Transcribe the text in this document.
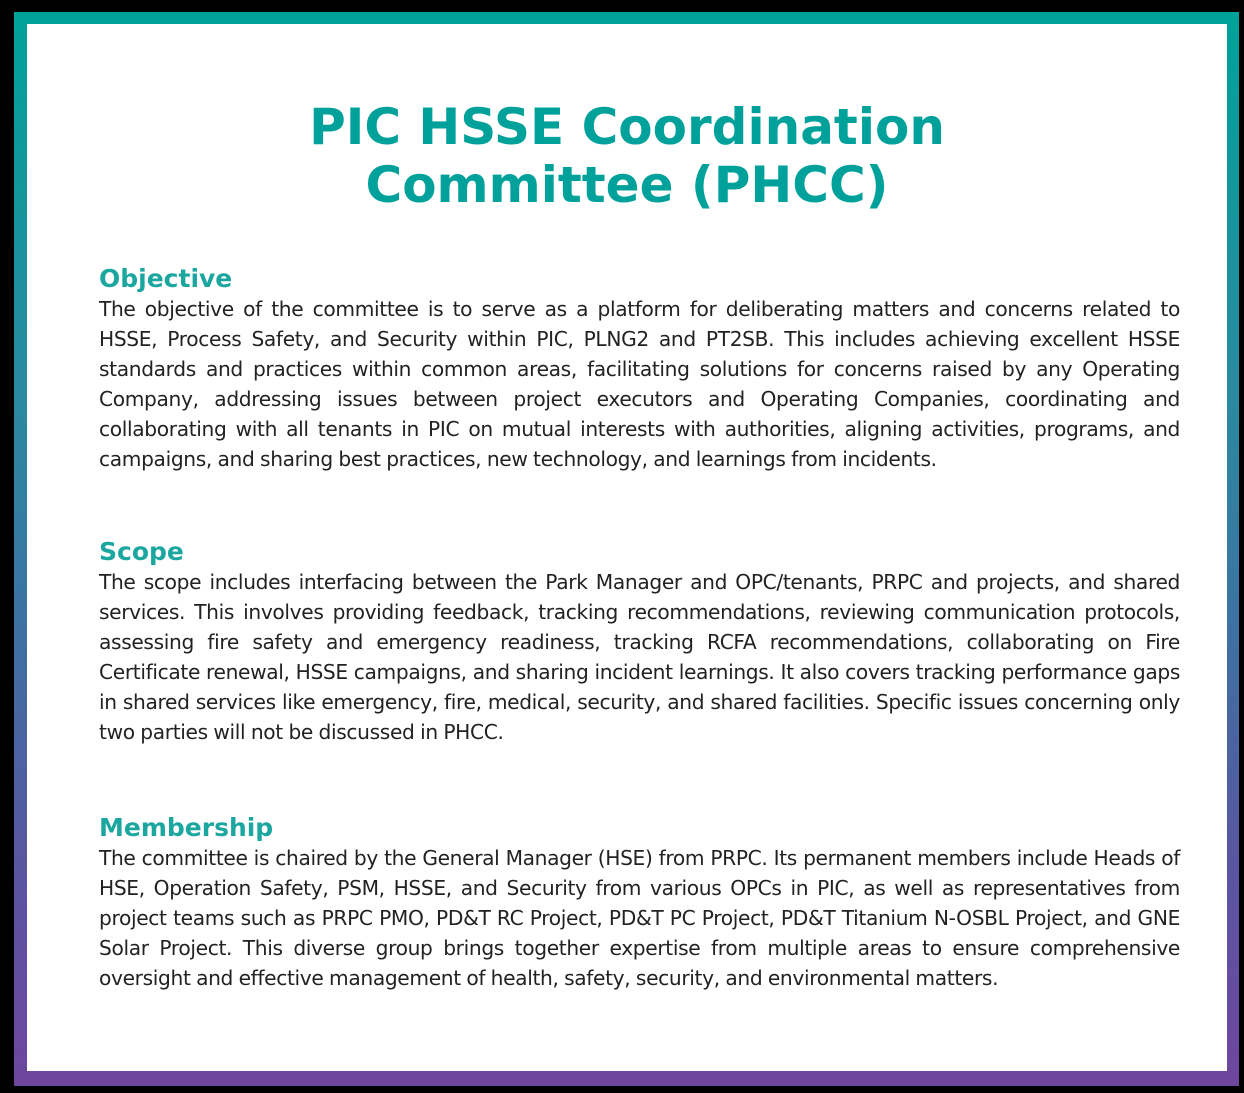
PIC HSSE Coordination
Committee (PHCC)
Objective

The objective of the committee is to serve as a platform for deliberating matters and concerns related to HSSE, Process Safety, and Security within PIC, PLNG2 and PT2SB. This includes achieving excellent HSSE standards and practices within common areas, facilitating solutions for concerns raised by any Operating Company, addressing issues between project executors and Operating Companies, coordinating and collaborating with all tenants in PIC on mutual interests with authorities, aligning activities, programs, and campaigns, and sharing best practices, new technology, and learnings from incidents.

Scope

The scope includes interfacing between the Park Manager and OPC/tenants, PRPC and projects, and shared services. This involves providing feedback, tracking recommendations, reviewing communication protocols, assessing fire safety and emergency readiness, tracking RCFA recommendations, collaborating on Fire Certificate renewal, HSSE campaigns, and sharing incident learnings. It also covers tracking performance gaps in shared services like emergency, fire, medical, security, and shared facilities. Specific issues concerning only two parties will not be discussed in PHCC.

Membership

The committee is chaired by the General Manager (HSE) from PRPC. Its permanent members include Heads of HSE, Operation Safety, PSM, HSSE, and Security from various OPCs in PIC, as well as representatives from project teams such as PRPC PMO, PD&T RC Project, PD&T PC Project, PD&T Titanium N-OSBL Project, and GNE Solar Project. This diverse group brings together expertise from multiple areas to ensure comprehensive oversight and effective management of health, safety, security, and environmental matters.
